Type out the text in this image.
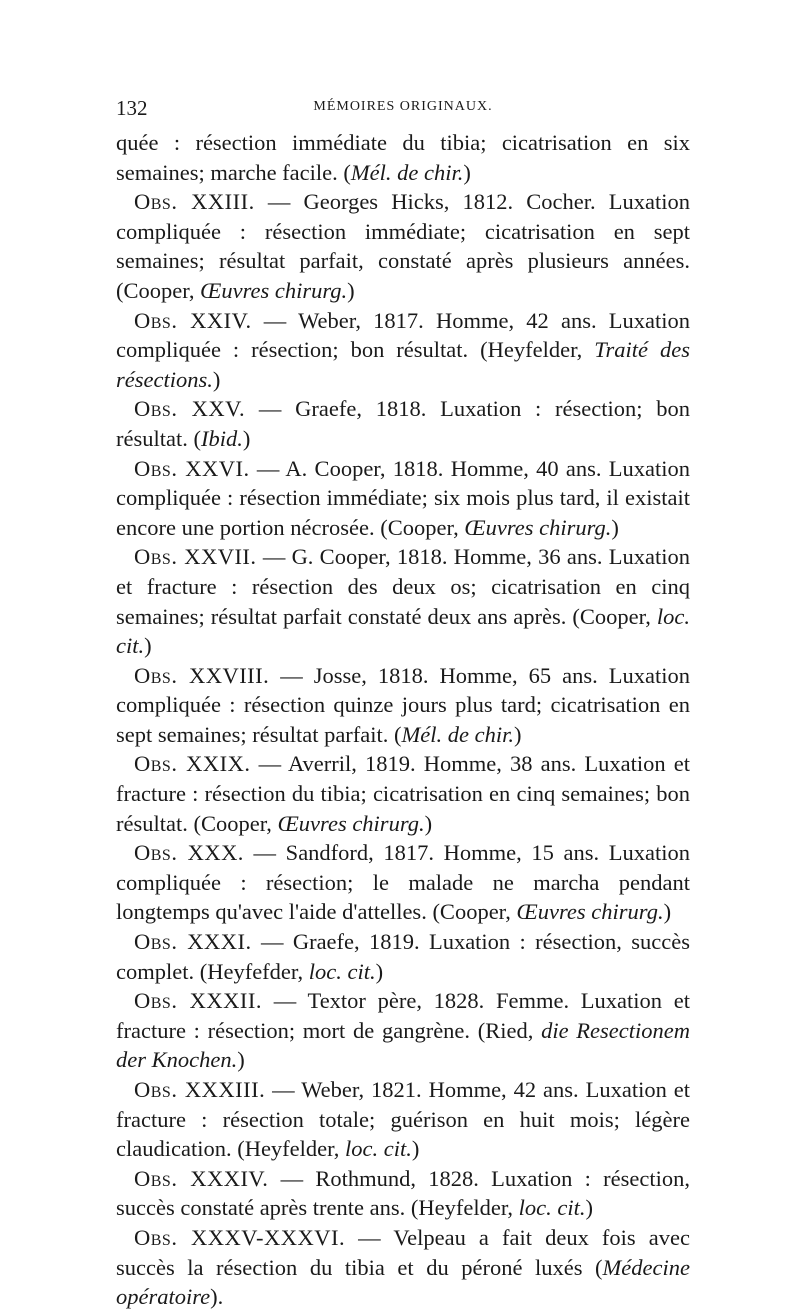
132	MÉMOIRES ORIGINAUX.

quée : résection immédiate du tibia; cicatrisation en six semaines; marche facile. (Mél. de chir.)

Obs. XXIII. — Georges Hicks, 1812. Cocher. Luxation compliquée : résection immédiate; cicatrisation en sept semaines; résultat parfait, constaté après plusieurs années. (Cooper, Œuvres chirurg.)

Obs. XXIV. — Weber, 1817. Homme, 42 ans. Luxation compliquée : résection; bon résultat. (Heyfelder, Traité des résections.)

Obs. XXV. — Graefe, 1818. Luxation : résection; bon résultat. (Ibid.)

Obs. XXVI. — A. Cooper, 1818. Homme, 40 ans. Luxation compliquée : résection immédiate; six mois plus tard, il existait encore une portion nécrosée. (Cooper, Œuvres chirurg.)

Obs. XXVII. — G. Cooper, 1818. Homme, 36 ans. Luxation et fracture : résection des deux os; cicatrisation en cinq semaines; résultat parfait constaté deux ans après. (Cooper, loc. cit.)

Obs. XXVIII. — Josse, 1818. Homme, 65 ans. Luxation compliquée : résection quinze jours plus tard; cicatrisation en sept semaines; résultat parfait. (Mél. de chir.)

Obs. XXIX. — Averril, 1819. Homme, 38 ans. Luxation et fracture : résection du tibia; cicatrisation en cinq semaines; bon résultat. (Cooper, Œuvres chirurg.)

Obs. XXX. — Sandford, 1817. Homme, 15 ans. Luxation compliquée : résection; le malade ne marcha pendant longtemps qu'avec l'aide d'attelles. (Cooper, Œuvres chirurg.)

Obs. XXXI. — Graefe, 1819. Luxation : résection, succès complet. (Heyfefder, loc. cit.)

Obs. XXXII. — Textor père, 1828. Femme. Luxation et fracture : résection; mort de gangrène. (Ried, die Resectionem der Knochen.)

Obs. XXXIII. — Weber, 1821. Homme, 42 ans. Luxation et fracture : résection totale; guérison en huit mois; légère claudication. (Heyfelder, loc. cit.)

Obs. XXXIV. — Rothmund, 1828. Luxation : résection, succès constaté après trente ans. (Heyfelder, loc. cit.)

Obs. XXXV-XXXVI. — Velpeau a fait deux fois avec succès la résection du tibia et du péroné luxés (Médecine opératoire).
